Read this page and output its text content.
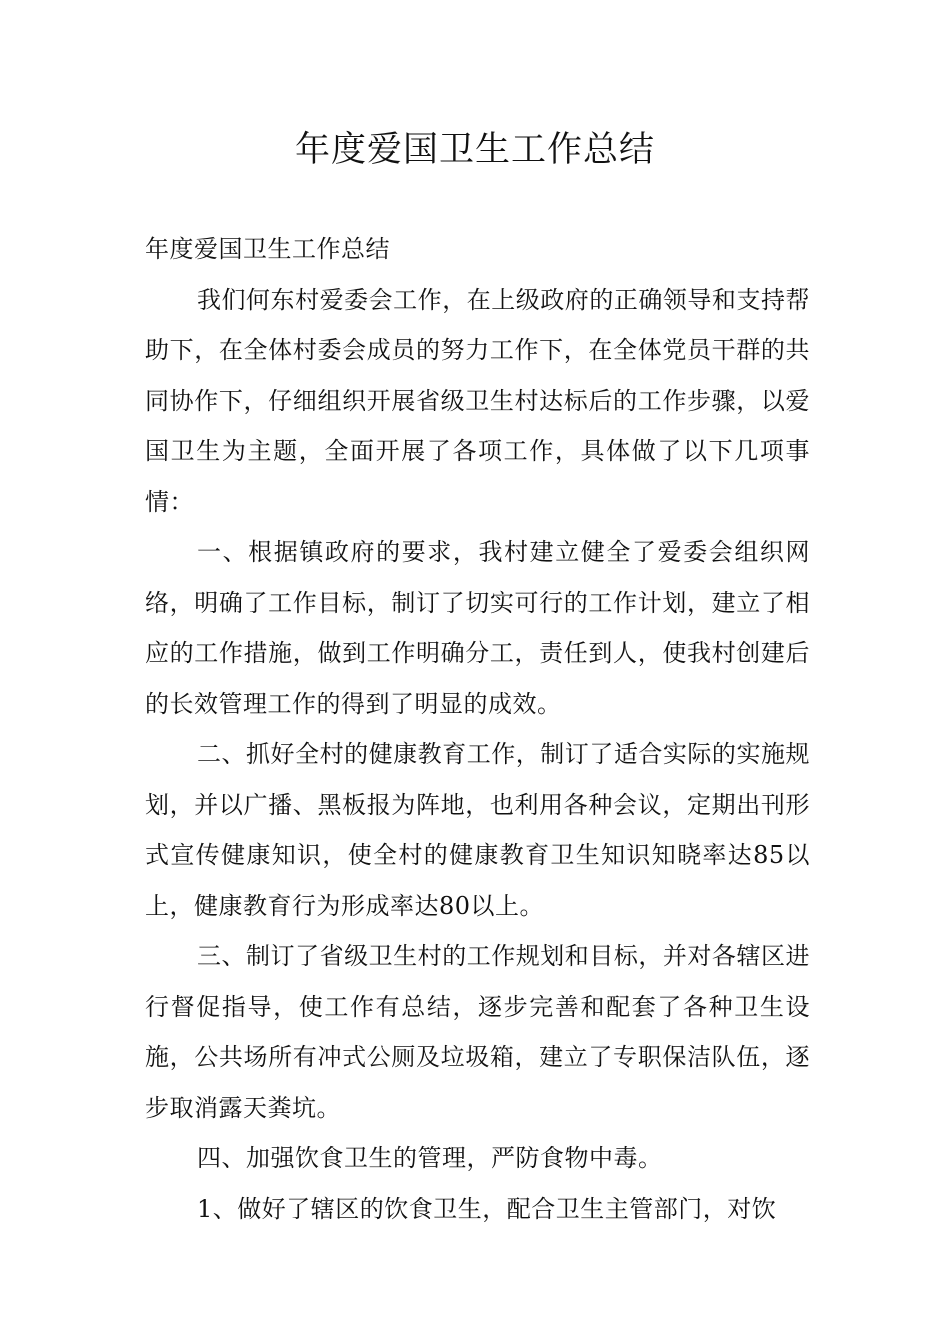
年度爱国卫生工作总结

年度爱国卫生工作总结

我们何东村爱委会工作，在上级政府的正确领导和支持帮助下，在全体村委会成员的努力工作下，在全体党员干群的共同协作下，仔细组织开展省级卫生村达标后的工作步骤，以爱国卫生为主题，全面开展了各项工作，具体做了以下几项事情：

一、根据镇政府的要求，我村建立健全了爱委会组织网络，明确了工作目标，制订了切实可行的工作计划，建立了相应的工作措施，做到工作明确分工，责任到人，使我村创建后的长效管理工作的得到了明显的成效。

二、抓好全村的健康教育工作，制订了适合实际的实施规划，并以广播、黑板报为阵地，也利用各种会议，定期出刊形式宣传健康知识，使全村的健康教育卫生知识知晓率达85以上，健康教育行为形成率达80以上。

三、制订了省级卫生村的工作规划和目标，并对各辖区进行督促指导，使工作有总结，逐步完善和配套了各种卫生设施，公共场所有冲式公厕及垃圾箱，建立了专职保洁队伍，逐步取消露天粪坑。

四、加强饮食卫生的管理，严防食物中毒。

1、做好了辖区的饮食卫生，配合卫生主管部门，对饮
